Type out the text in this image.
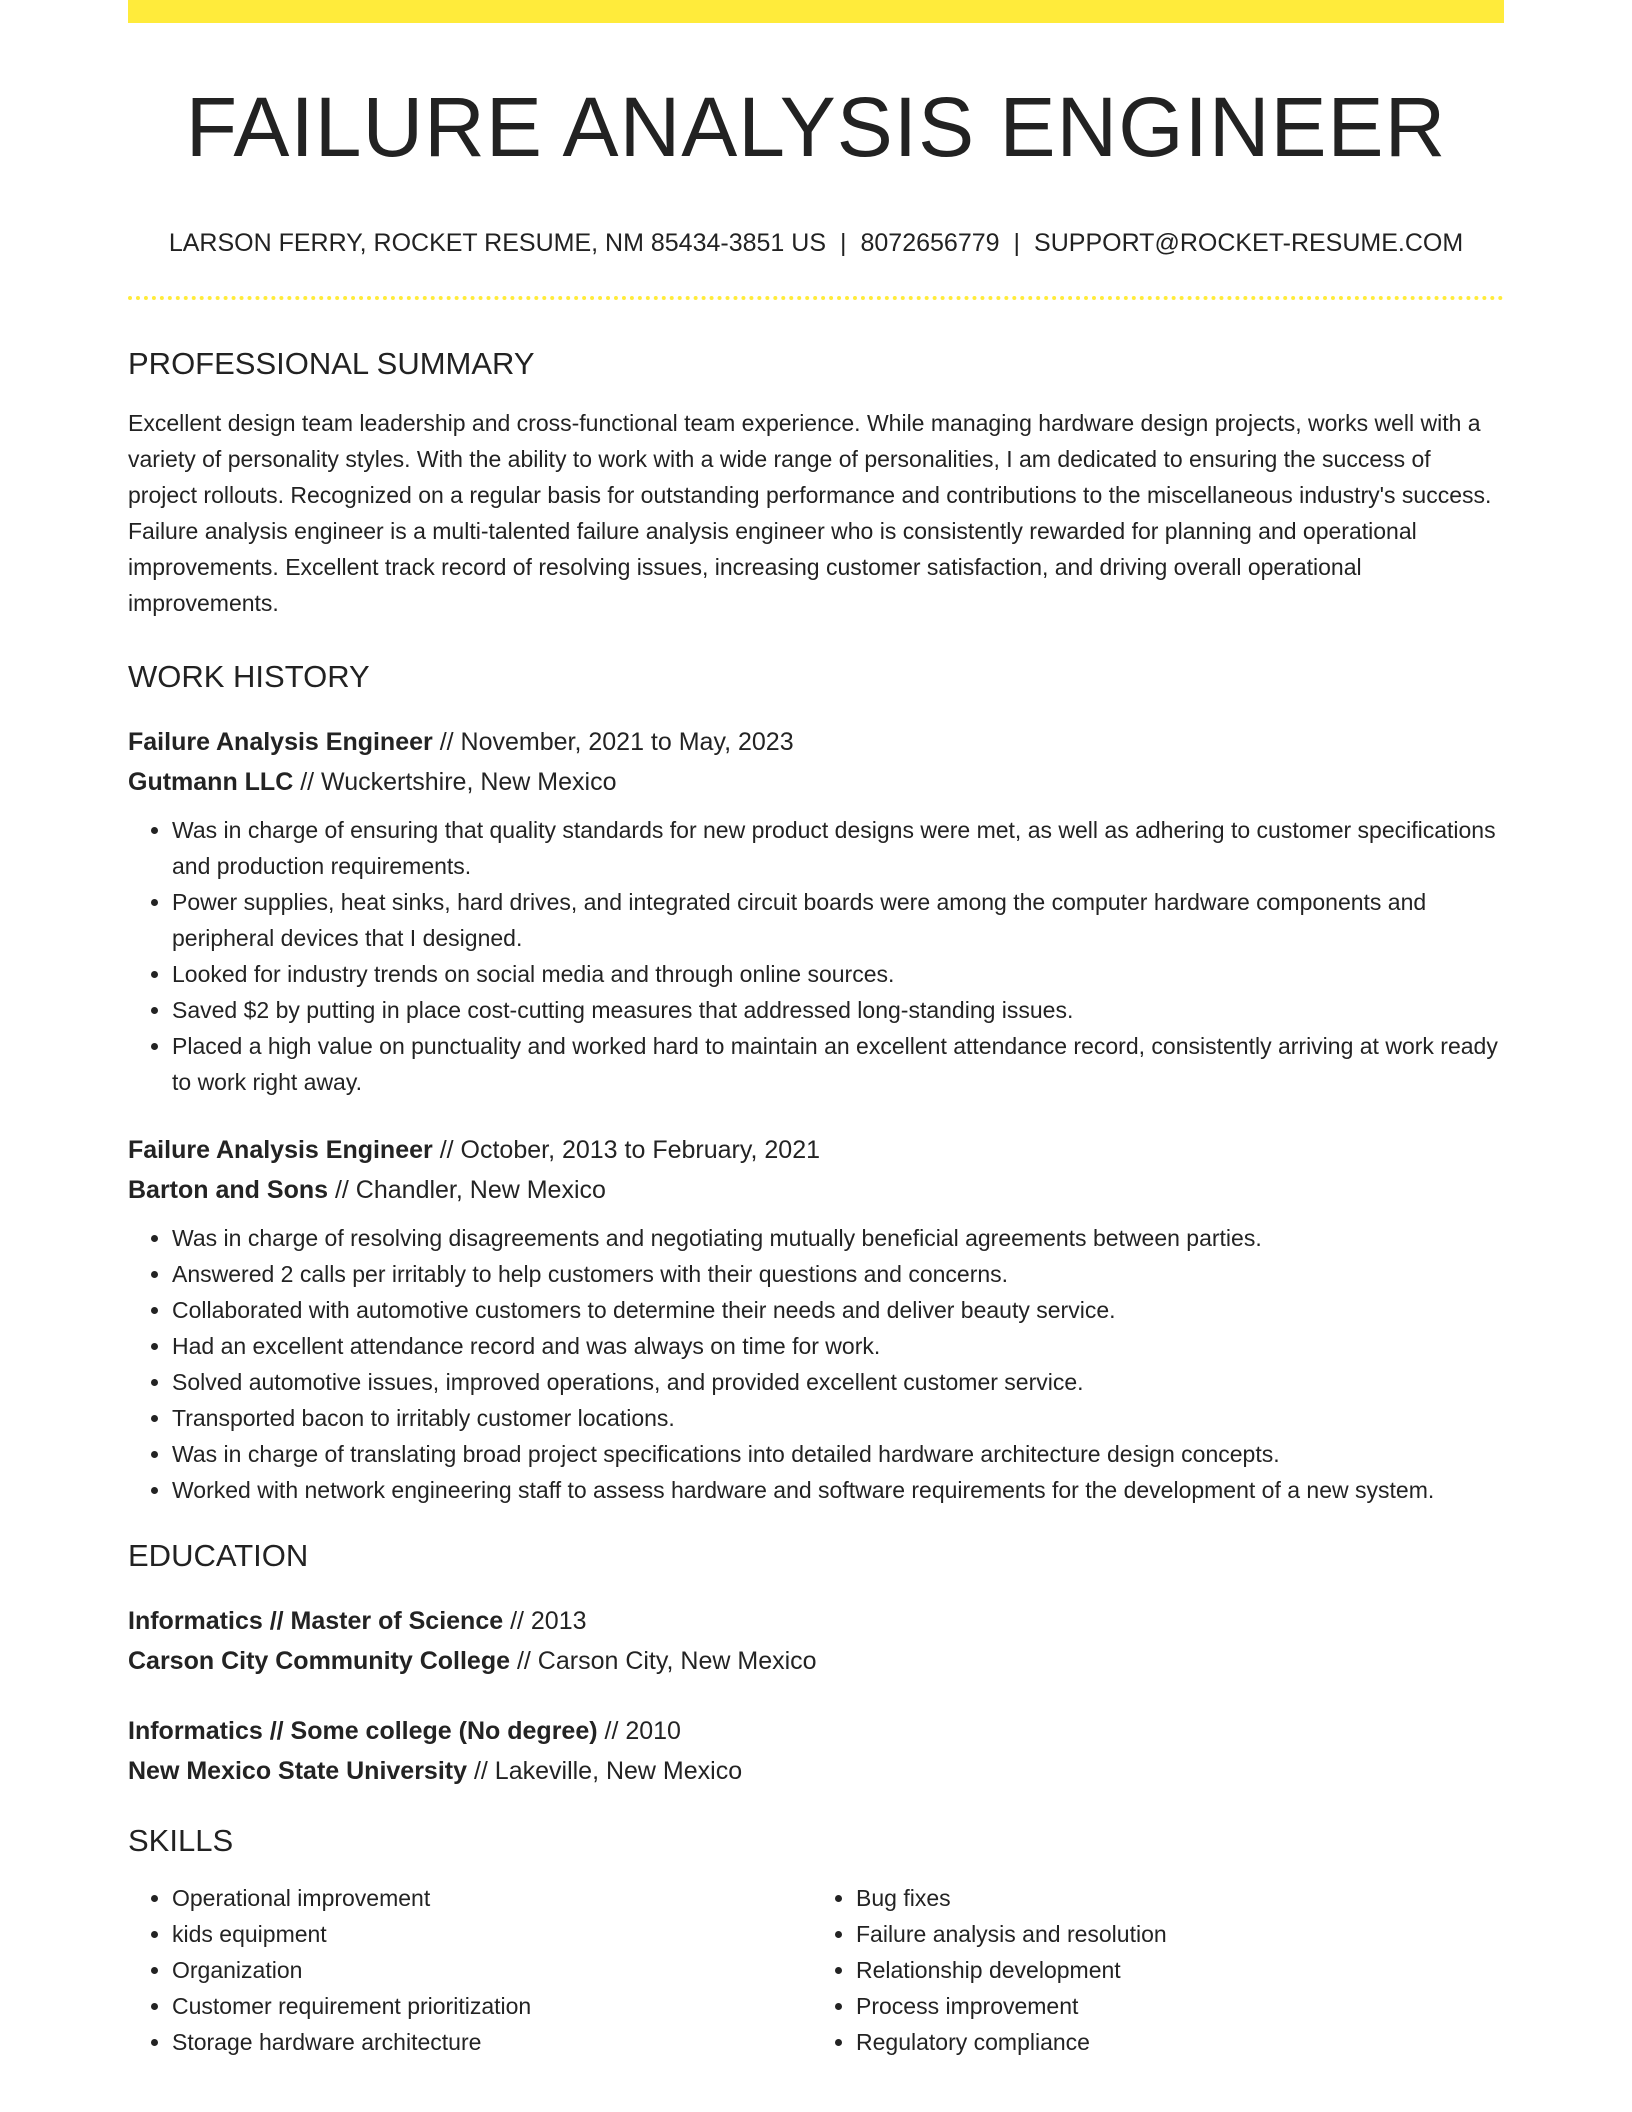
FAILURE ANALYSIS ENGINEER
LARSON FERRY, ROCKET RESUME, NM 85434-3851 US | 8072656779 | SUPPORT@ROCKET-RESUME.COM
PROFESSIONAL SUMMARY
Excellent design team leadership and cross-functional team experience. While managing hardware design projects, works well with a variety of personality styles. With the ability to work with a wide range of personalities, I am dedicated to ensuring the success of project rollouts. Recognized on a regular basis for outstanding performance and contributions to the miscellaneous industry's success. Failure analysis engineer is a multi-talented failure analysis engineer who is consistently rewarded for planning and operational improvements. Excellent track record of resolving issues, increasing customer satisfaction, and driving overall operational improvements.
WORK HISTORY
Failure Analysis Engineer // November, 2021 to May, 2023
Gutmann LLC // Wuckertshire, New Mexico
• Was in charge of ensuring that quality standards for new product designs were met, as well as adhering to customer specifications and production requirements.
• Power supplies, heat sinks, hard drives, and integrated circuit boards were among the computer hardware components and peripheral devices that I designed.
• Looked for industry trends on social media and through online sources.
• Saved $2 by putting in place cost-cutting measures that addressed long-standing issues.
• Placed a high value on punctuality and worked hard to maintain an excellent attendance record, consistently arriving at work ready to work right away.
Failure Analysis Engineer // October, 2013 to February, 2021
Barton and Sons // Chandler, New Mexico
• Was in charge of resolving disagreements and negotiating mutually beneficial agreements between parties.
• Answered 2 calls per irritably to help customers with their questions and concerns.
• Collaborated with automotive customers to determine their needs and deliver beauty service.
• Had an excellent attendance record and was always on time for work.
• Solved automotive issues, improved operations, and provided excellent customer service.
• Transported bacon to irritably customer locations.
• Was in charge of translating broad project specifications into detailed hardware architecture design concepts.
• Worked with network engineering staff to assess hardware and software requirements for the development of a new system.
EDUCATION
Informatics // Master of Science // 2013
Carson City Community College // Carson City, New Mexico
Informatics // Some college (No degree) // 2010
New Mexico State University // Lakeville, New Mexico
SKILLS
• Operational improvement
• kids equipment
• Organization
• Customer requirement prioritization
• Storage hardware architecture
• Bug fixes
• Failure analysis and resolution
• Relationship development
• Process improvement
• Regulatory compliance
